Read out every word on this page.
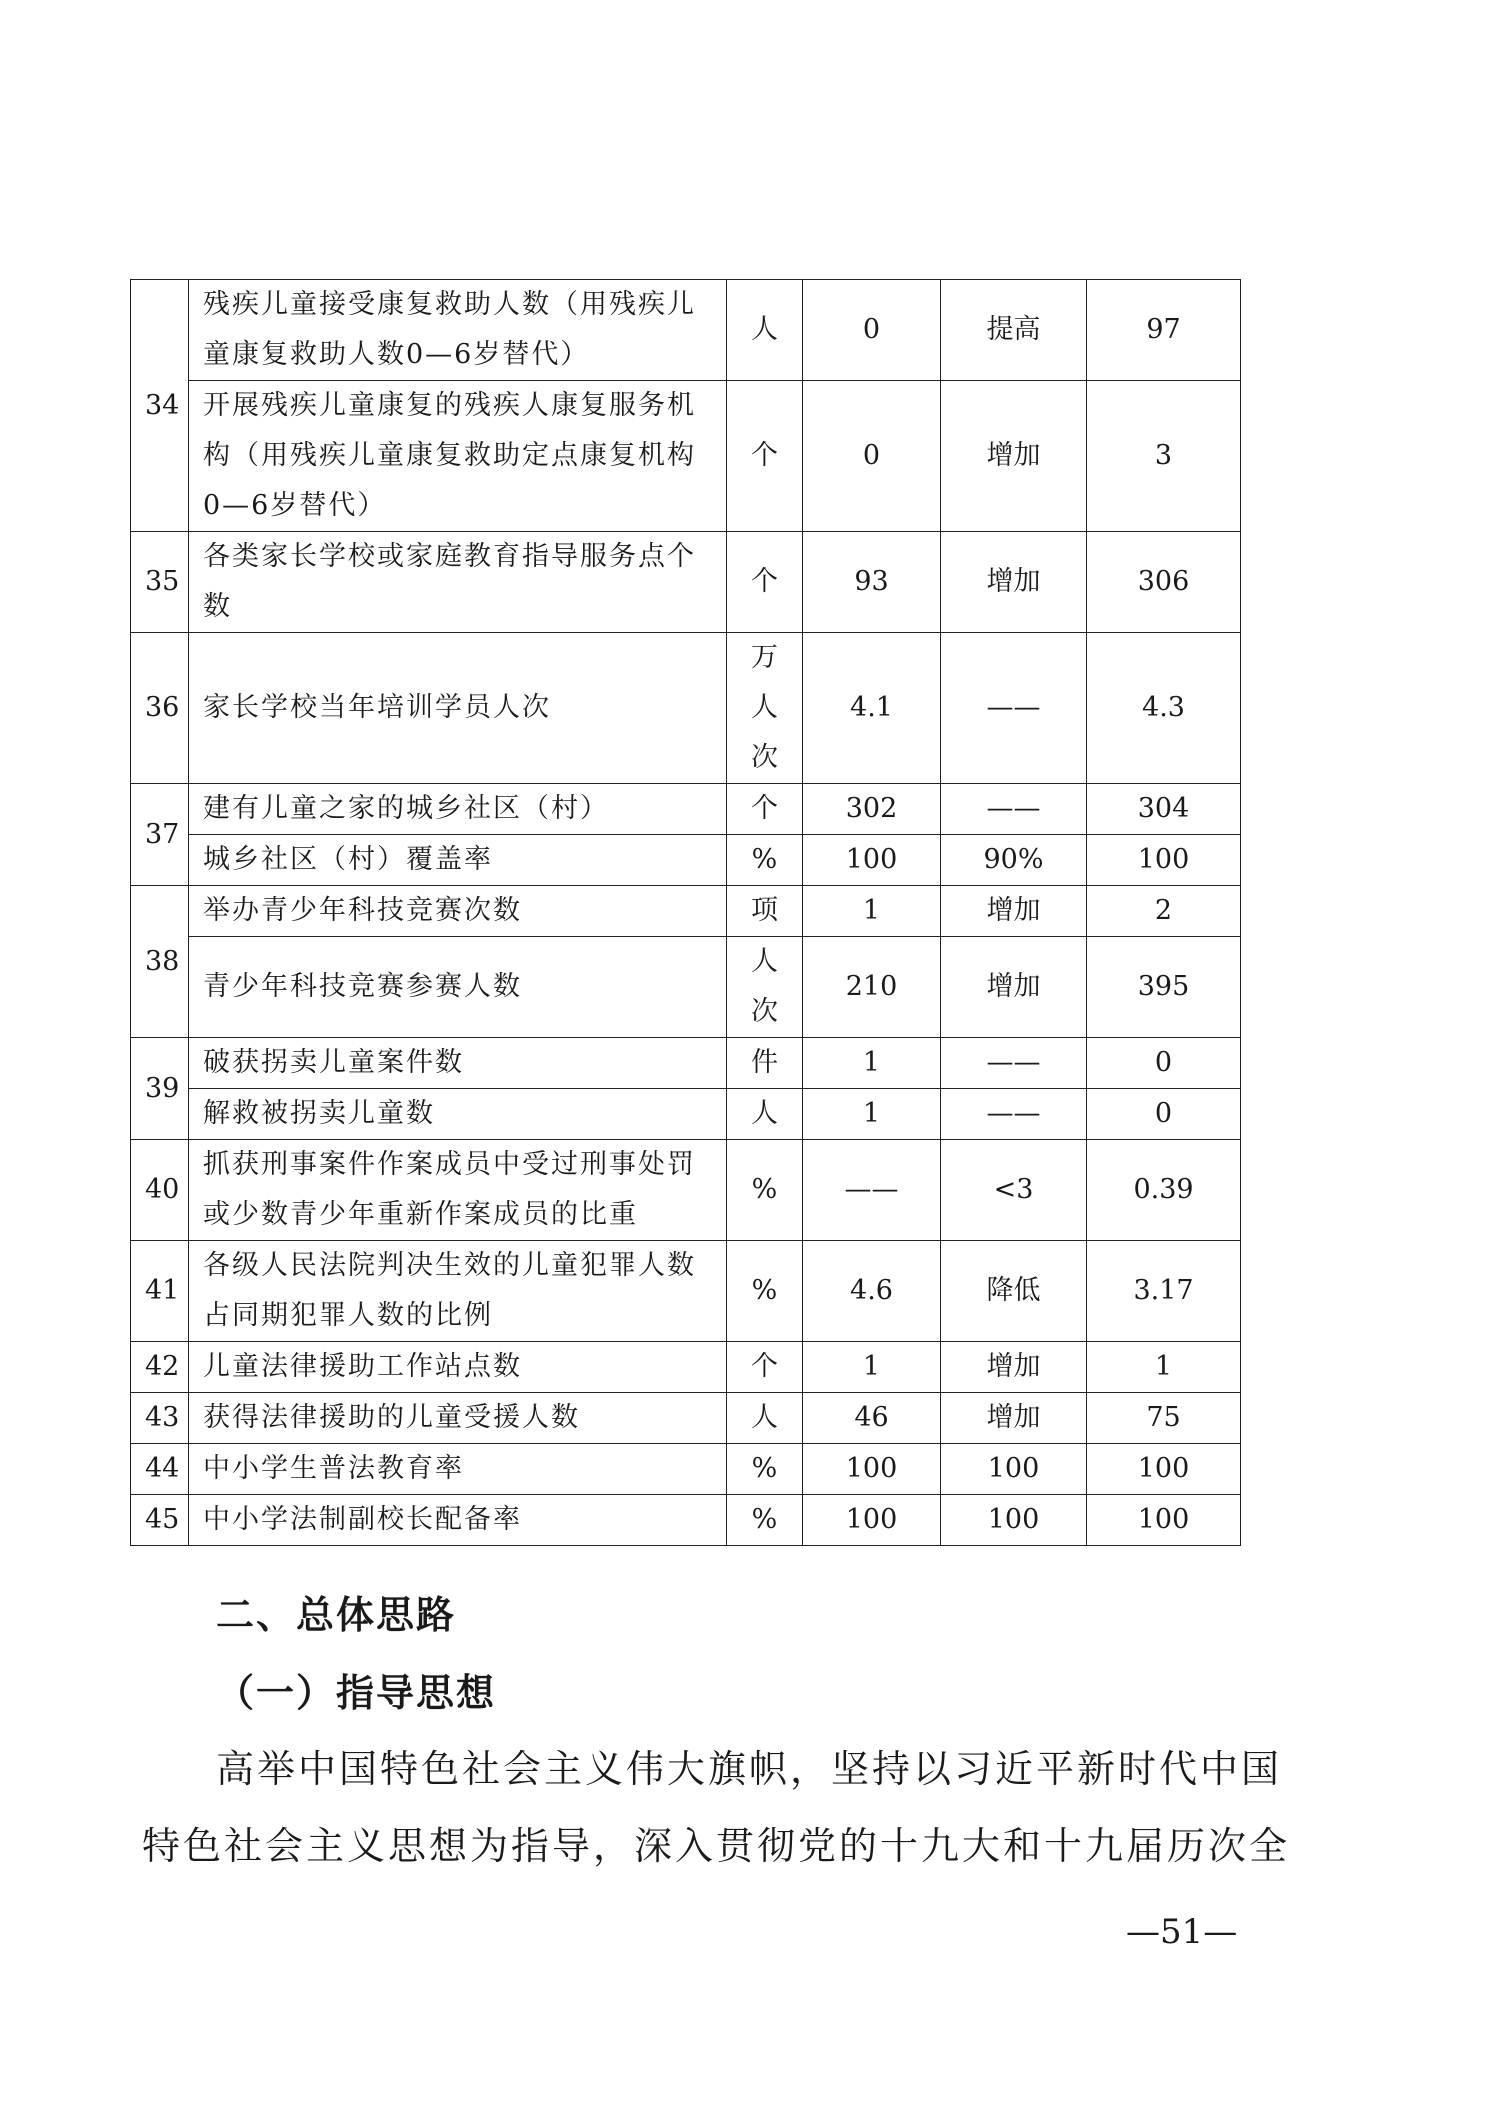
34	残疾儿童接受康复救助人数（用残疾儿童康复救助人数0—6岁替代）	人	0	提高	97
	开展残疾儿童康复的残疾人康复服务机构（用残疾儿童康复救助定点康复机构0—6岁替代）	个	0	增加	3
35	各类家长学校或家庭教育指导服务点个数	个	93	增加	306
36	家长学校当年培训学员人次	万
人
次	4.1	——	4.3
37	建有儿童之家的城乡社区（村）	个	302	——	304
	城乡社区（村）覆盖率	%	100	90%	100
38	举办青少年科技竞赛次数	项	1	增加	2
	青少年科技竞赛参赛人数	人
次	210	增加	395
39	破获拐卖儿童案件数	件	1	——	0
	解救被拐卖儿童数	人	1	——	0
40	抓获刑事案件作案成员中受过刑事处罚或少数青少年重新作案成员的比重	%	——	<3	0.39
41	各级人民法院判决生效的儿童犯罪人数占同期犯罪人数的比例	%	4.6	降低	3.17
42	儿童法律援助工作站点数	个	1	增加	1
43	获得法律援助的儿童受援人数	人	46	增加	75
44	中小学生普法教育率	%	100	100	100
45	中小学法制副校长配备率	%	100	100	100
二、总体思路
（一）指导思想

高举中国特色社会主义伟大旗帜，坚持以习近平新时代中国

特色社会主义思想为指导，深入贯彻党的十九大和十九届历次全

—51—
